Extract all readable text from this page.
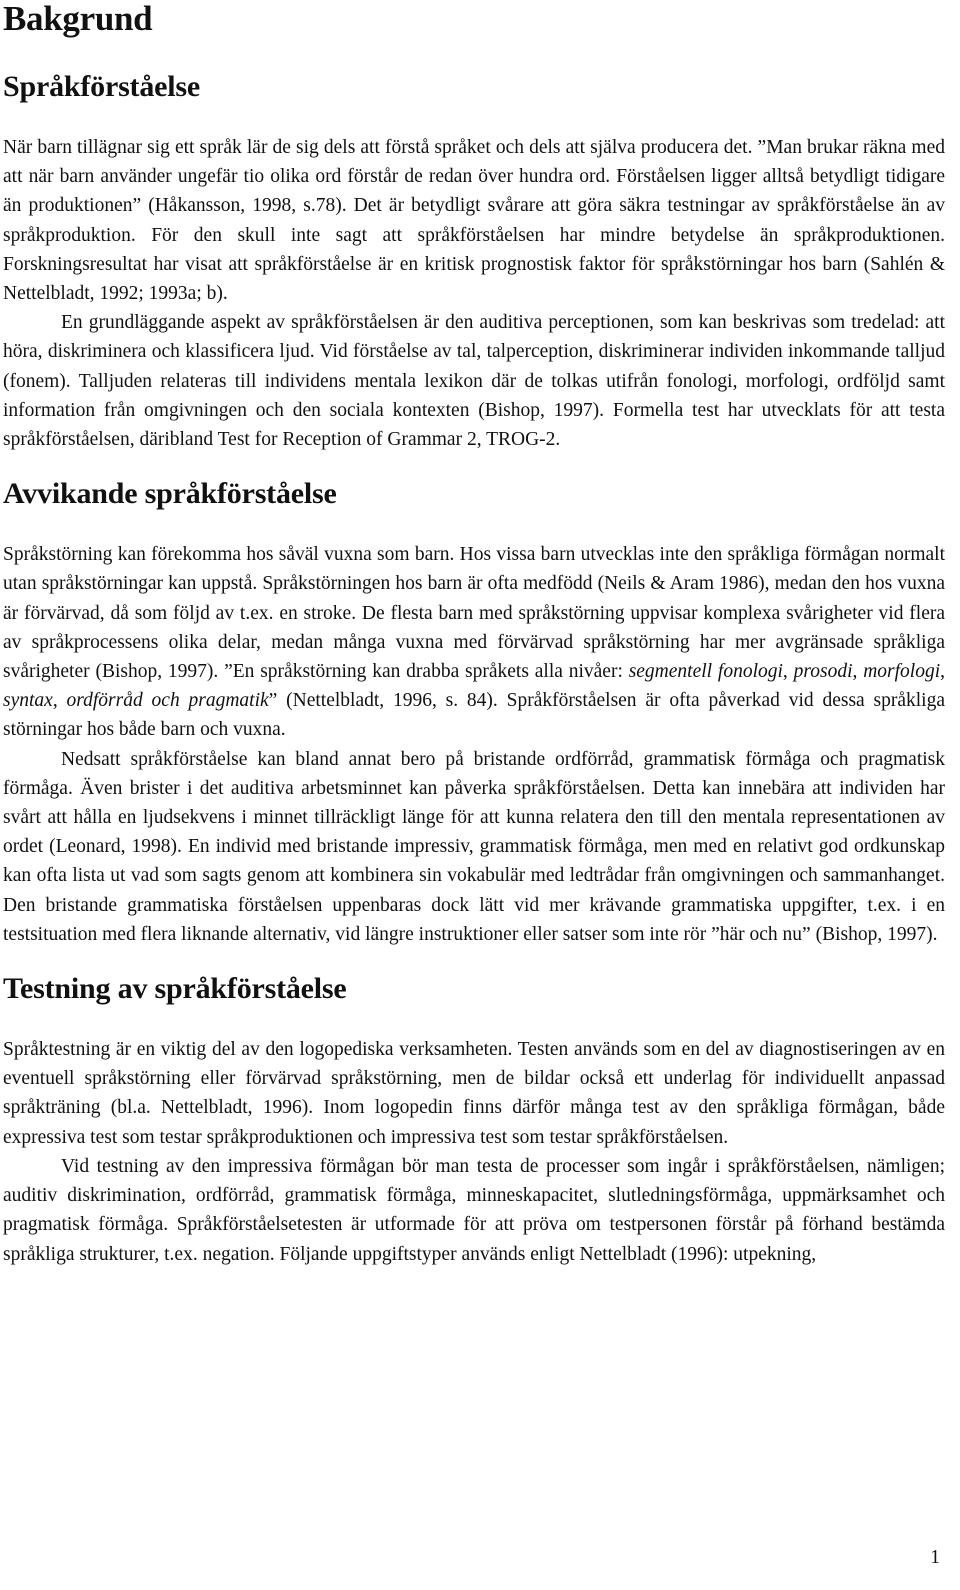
Bakgrund
Språkförståelse

När barn tillägnar sig ett språk lär de sig dels att förstå språket och dels att själva producera det. ”Man brukar räkna med att när barn använder ungefär tio olika ord förstår de redan över hundra ord. Förståelsen ligger alltså betydligt tidigare än produktionen” (Håkansson, 1998, s.78). Det är betydligt svårare att göra säkra testningar av språkförståelse än av språkproduktion. För den skull inte sagt att språkförståelsen har mindre betydelse än språkproduktionen. Forskningsresultat har visat att språkförståelse är en kritisk prognostisk faktor för språkstörningar hos barn (Sahlén & Nettelbladt, 1992; 1993a; b).

En grundläggande aspekt av språkförståelsen är den auditiva perceptionen, som kan beskrivas som tredelad: att höra, diskriminera och klassificera ljud. Vid förståelse av tal, talperception, diskriminerar individen inkommande talljud (fonem). Talljuden relateras till individens mentala lexikon där de tolkas utifrån fonologi, morfologi, ordföljd samt information från omgivningen och den sociala kontexten (Bishop, 1997). Formella test har utvecklats för att testa språkförståelsen, däribland Test for Reception of Grammar 2, TROG-2.

Avvikande språkförståelse

Språkstörning kan förekomma hos såväl vuxna som barn. Hos vissa barn utvecklas inte den språkliga förmågan normalt utan språkstörningar kan uppstå. Språkstörningen hos barn är ofta medfödd (Neils & Aram 1986), medan den hos vuxna är förvärvad, då som följd av t.ex. en stroke. De flesta barn med språkstörning uppvisar komplexa svårigheter vid flera av språkprocessens olika delar, medan många vuxna med förvärvad språkstörning har mer avgränsade språkliga svårigheter (Bishop, 1997). ”En språkstörning kan drabba språkets alla nivåer: segmentell fonologi, prosodi, morfologi, syntax, ordförråd och pragmatik” (Nettelbladt, 1996, s. 84). Språkförståelsen är ofta påverkad vid dessa språkliga störningar hos både barn och vuxna.

Nedsatt språkförståelse kan bland annat bero på bristande ordförråd, grammatisk förmåga och pragmatisk förmåga. Även brister i det auditiva arbetsminnet kan påverka språkförståelsen. Detta kan innebära att individen har svårt att hålla en ljudsekvens i minnet tillräckligt länge för att kunna relatera den till den mentala representationen av ordet (Leonard, 1998). En individ med bristande impressiv, grammatisk förmåga, men med en relativt god ordkunskap kan ofta lista ut vad som sagts genom att kombinera sin vokabulär med ledtrådar från omgivningen och sammanhanget. Den bristande grammatiska förståelsen uppenbaras dock lätt vid mer krävande grammatiska uppgifter, t.ex. i en testsituation med flera liknande alternativ, vid längre instruktioner eller satser som inte rör ”här och nu” (Bishop, 1997).

Testning av språkförståelse

Språktestning är en viktig del av den logopediska verksamheten. Testen används som en del av diagnostiseringen av en eventuell språkstörning eller förvärvad språkstörning, men de bildar också ett underlag för individuellt anpassad språkträning (bl.a. Nettelbladt, 1996). Inom logopedin finns därför många test av den språkliga förmågan, både expressiva test som testar språkproduktionen och impressiva test som testar språkförståelsen.

Vid testning av den impressiva förmågan bör man testa de processer som ingår i språkförståelsen, nämligen; auditiv diskrimination, ordförråd, grammatisk förmåga, minneskapacitet, slutledningsförmåga, uppmärksamhet och pragmatisk förmåga. Språkförståelsetesten är utformade för att pröva om testpersonen förstår på förhand bestämda språkliga strukturer, t.ex. negation. Följande uppgiftstyper används enligt Nettelbladt (1996): utpekning,

1
